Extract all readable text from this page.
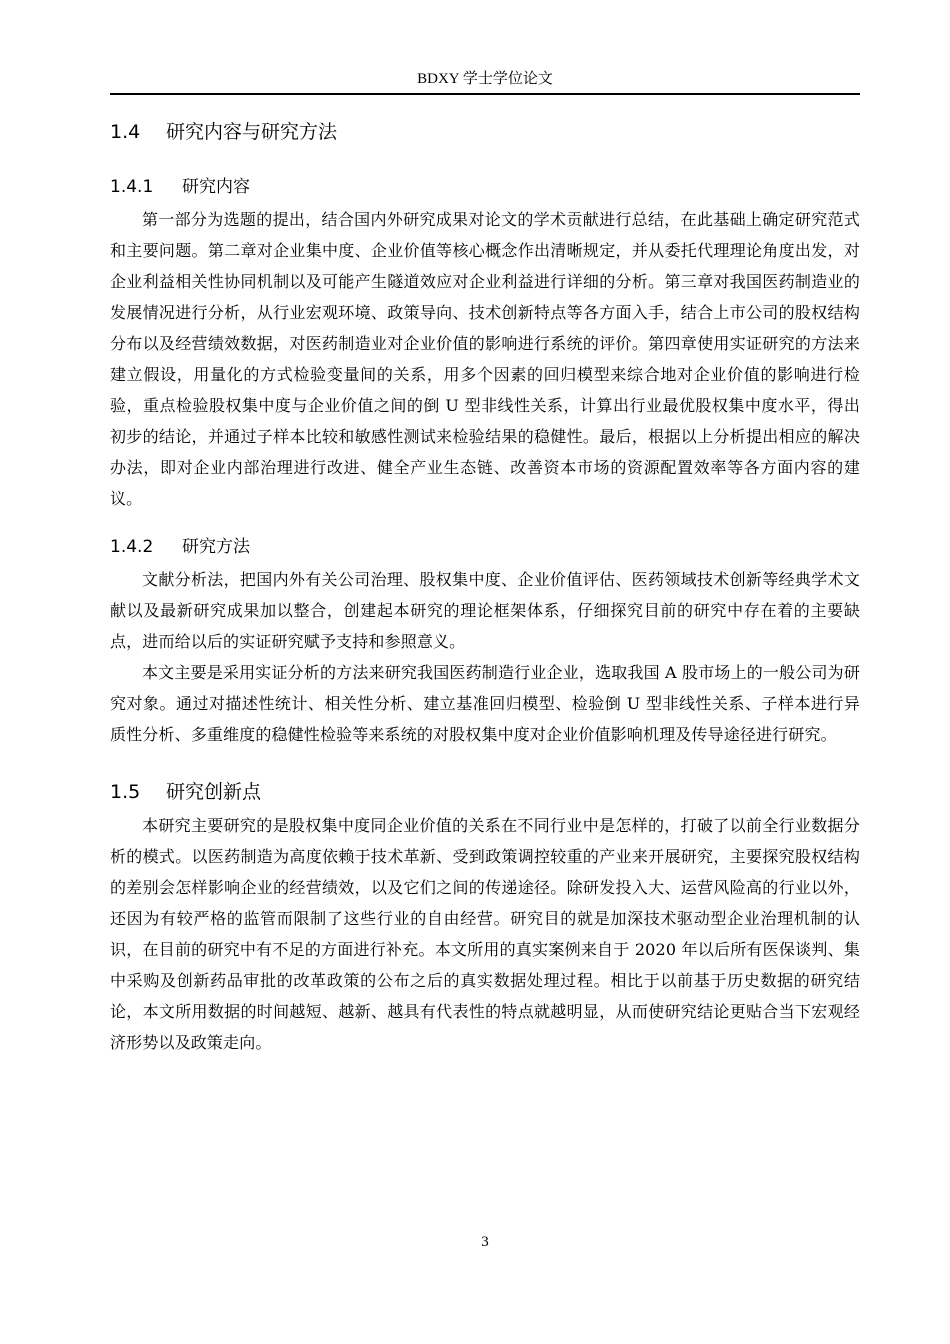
BDXY 学士学位论文
1.4 研究内容与研究方法
1.4.1 研究内容

第一部分为选题的提出，结合国内外研究成果对论文的学术贡献进行总结，在此基础上确定研究范式和主要问题。第二章对企业集中度、企业价值等核心概念作出清晰规定，并从委托代理理论角度出发，对企业利益相关性协同机制以及可能产生隧道效应对企业利益进行详细的分析。第三章对我国医药制造业的发展情况进行分析，从行业宏观环境、政策导向、技术创新特点等各方面入手，结合上市公司的股权结构分布以及经营绩效数据，对医药制造业对企业价值的影响进行系统的评价。第四章使用实证研究的方法来建立假设，用量化的方式检验变量间的关系，用多个因素的回归模型来综合地对企业价值的影响进行检验，重点检验股权集中度与企业价值之间的倒 U 型非线性关系，计算出行业最优股权集中度水平，得出初步的结论，并通过子样本比较和敏感性测试来检验结果的稳健性。最后，根据以上分析提出相应的解决办法，即对企业内部治理进行改进、健全产业生态链、改善资本市场的资源配置效率等各方面内容的建议。

1.4.2 研究方法

文献分析法，把国内外有关公司治理、股权集中度、企业价值评估、医药领域技术创新等经典学术文献以及最新研究成果加以整合，创建起本研究的理论框架体系，仔细探究目前的研究中存在着的主要缺点，进而给以后的实证研究赋予支持和参照意义。

本文主要是采用实证分析的方法来研究我国医药制造行业企业，选取我国 A 股市场上的一般公司为研究对象。通过对描述性统计、相关性分析、建立基准回归模型、检验倒 U 型非线性关系、子样本进行异质性分析、多重维度的稳健性检验等来系统的对股权集中度对企业价值影响机理及传导途径进行研究。

1.5 研究创新点

本研究主要研究的是股权集中度同企业价值的关系在不同行业中是怎样的，打破了以前全行业数据分析的模式。以医药制造为高度依赖于技术革新、受到政策调控较重的产业来开展研究，主要探究股权结构的差别会怎样影响企业的经营绩效，以及它们之间的传递途径。除研发投入大、运营风险高的行业以外，还因为有较严格的监管而限制了这些行业的自由经营。研究目的就是加深技术驱动型企业治理机制的认识，在目前的研究中有不足的方面进行补充。本文所用的真实案例来自于 2020 年以后所有医保谈判、集中采购及创新药品审批的改革政策的公布之后的真实数据处理过程。相比于以前基于历史数据的研究结论，本文所用数据的时间越短、越新、越具有代表性的特点就越明显，从而使研究结论更贴合当下宏观经济形势以及政策走向。

3
